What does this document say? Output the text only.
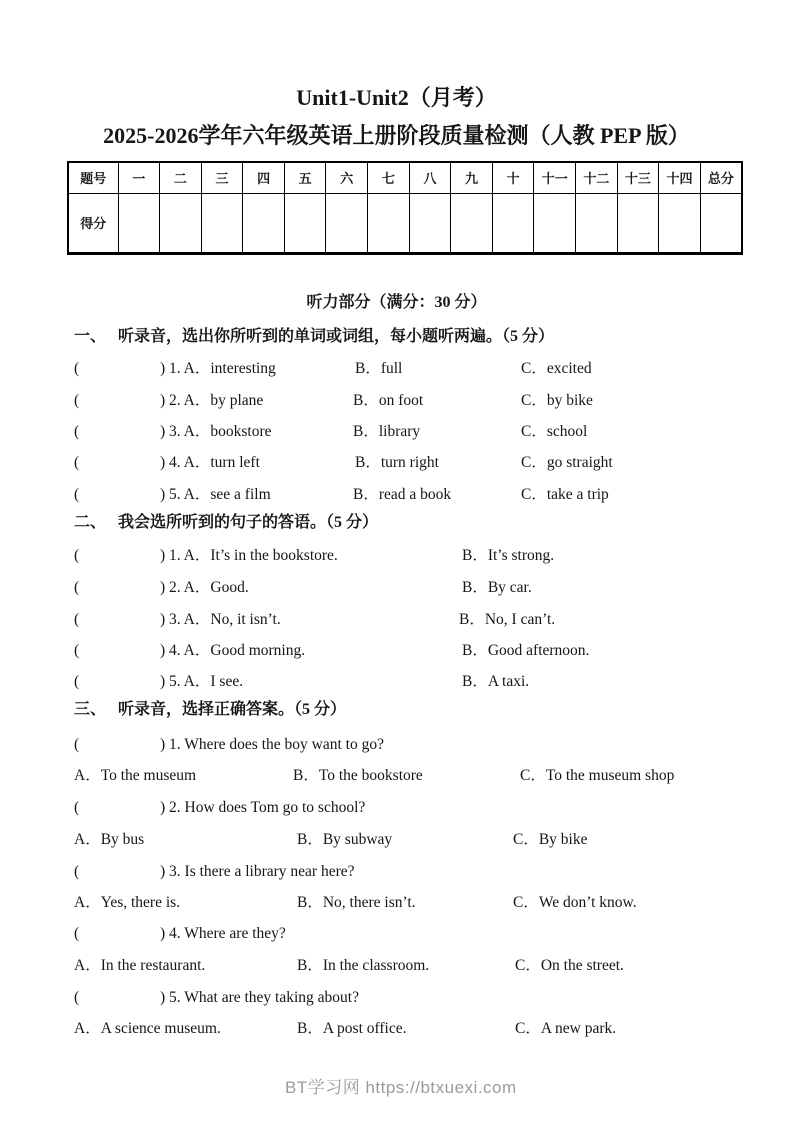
Unit1-Unit2（月考）
2025-2026学年六年级英语上册阶段质量检测（人教 PEP 版）
题号	一	二	三	四	五	六	七	八	九	十	十一	十二	十三	十四	总分
得分															
听力部分（满分：30 分）
一、 听录音，选出你所听到的单词或词组，每小题听两遍。（5 分）
(	) 1. A．interesting	B．full	C．excited
(	) 2. A．by plane	B．on foot	C．by bike
(	) 3. A．bookstore	B．library	C．school
(	) 4. A．turn left	B．turn right	C．go straight
(	) 5. A．see a film	B．read a book	C．take a trip
二、 我会选所听到的句子的答语。（5 分）
(	) 1. A．It’s in the bookstore.	B．It’s strong.
(	) 2. A．Good.	B．By car.
(	) 3. A．No, it isn’t.	B．No, I can’t.
(	) 4. A．Good morning.	B．Good afternoon.
(	) 5. A．I see.	B．A taxi.
三、 听录音，选择正确答案。（5 分）
(	) 1. Where does the boy want to go?
A．To the museum	B．To the bookstore	C．To the museum shop
(	) 2. How does Tom go to school?
A．By bus	B．By subway	C．By bike
(	) 3. Is there a library near here?
A．Yes, there is.	B．No, there isn’t.	C．We don’t know.
(	) 4. Where are they?
A．In the restaurant.	B．In the classroom.	C．On the street.
(	) 5. What are they taking about?
A．A science museum.	B．A post office.	C．A new park.
BT学习网 https://btxuexi.com
